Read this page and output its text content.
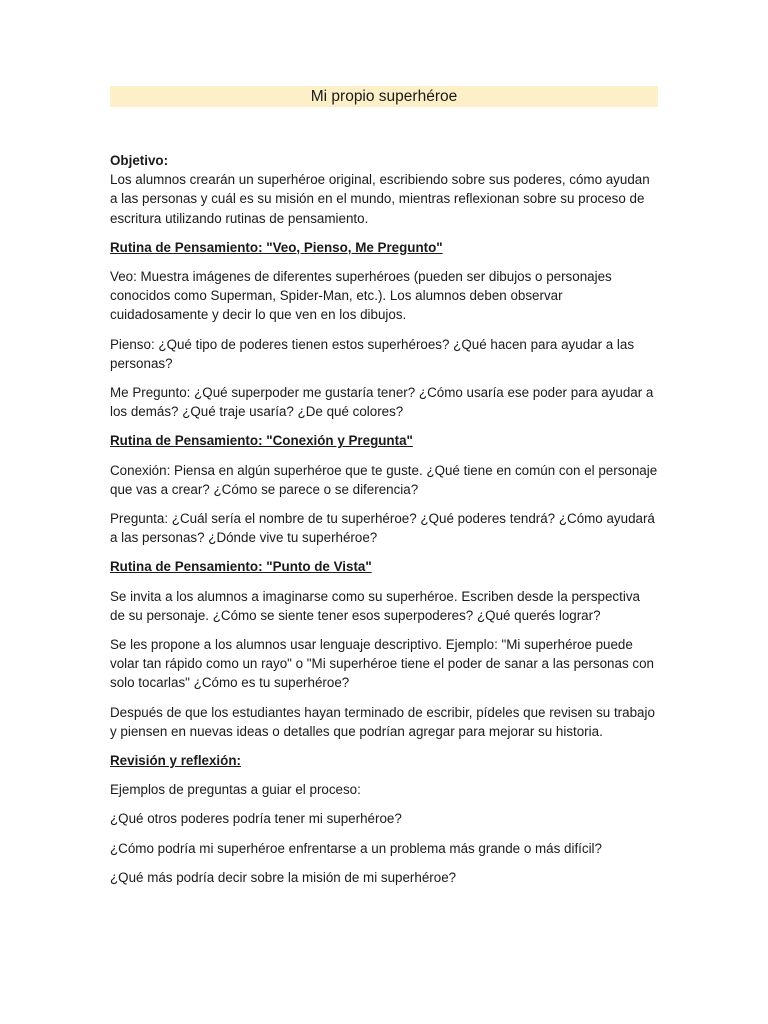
Mi propio superhéroe

Objetivo:

Los alumnos crearán un superhéroe original, escribiendo sobre sus poderes, cómo ayudan a las personas y cuál es su misión en el mundo, mientras reflexionan sobre su proceso de escritura utilizando rutinas de pensamiento.

Rutina de Pensamiento: "Veo, Pienso, Me Pregunto"

Veo: Muestra imágenes de diferentes superhéroes (pueden ser dibujos o personajes conocidos como Superman, Spider-Man, etc.). Los alumnos deben observar cuidadosamente y decir lo que ven en los dibujos.

Pienso: ¿Qué tipo de poderes tienen estos superhéroes? ¿Qué hacen para ayudar a las personas?

Me Pregunto: ¿Qué superpoder me gustaría tener? ¿Cómo usaría ese poder para ayudar a los demás? ¿Qué traje usaría? ¿De qué colores?

Rutina de Pensamiento: "Conexión y Pregunta"

Conexión: Piensa en algún superhéroe que te guste. ¿Qué tiene en común con el personaje que vas a crear? ¿Cómo se parece o se diferencia?

Pregunta: ¿Cuál sería el nombre de tu superhéroe? ¿Qué poderes tendrá? ¿Cómo ayudará a las personas? ¿Dónde vive tu superhéroe?

Rutina de Pensamiento: "Punto de Vista"

Se invita a los alumnos a imaginarse como su superhéroe. Escriben desde la perspectiva de su personaje. ¿Cómo se siente tener esos superpoderes? ¿Qué querés lograr?

Se les propone a los alumnos usar lenguaje descriptivo. Ejemplo: "Mi superhéroe puede volar tan rápido como un rayo" o "Mi superhéroe tiene el poder de sanar a las personas con solo tocarlas" ¿Cómo es tu superhéroe?

Después de que los estudiantes hayan terminado de escribir, pídeles que revisen su trabajo y piensen en nuevas ideas o detalles que podrían agregar para mejorar su historia.

Revisión y reflexión:

Ejemplos de preguntas a guiar el proceso:

¿Qué otros poderes podría tener mi superhéroe?

¿Cómo podría mi superhéroe enfrentarse a un problema más grande o más difícil?

¿Qué más podría decir sobre la misión de mi superhéroe?
